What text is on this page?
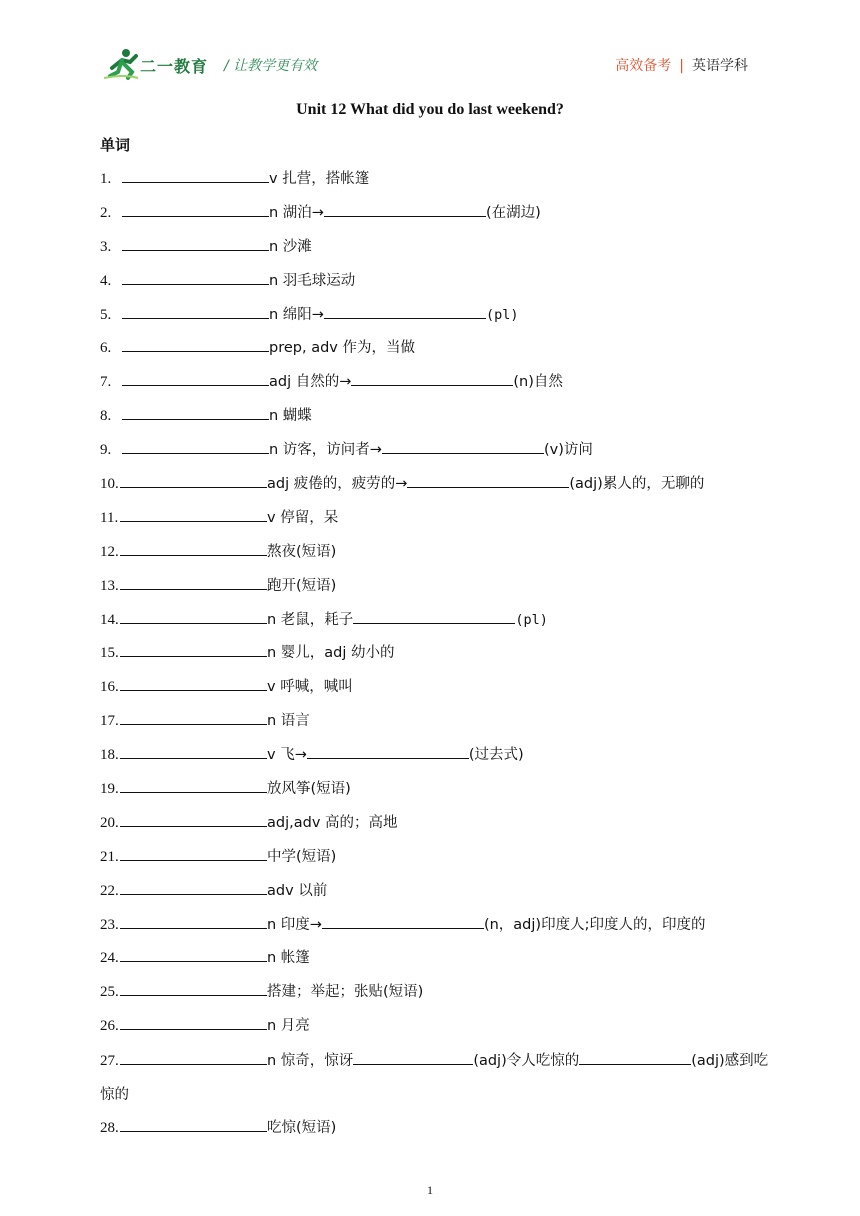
二一教育 / 让教学更有效	高效备考 | 英语学科
Unit 12 What did you do last weekend?
单词
1.	v 扎营，搭帐篷
2.	n 湖泊→	(在湖边)
3.	n 沙滩
4.	n 羽毛球运动
5.	n 绵阳→	(pl)
6.	prep, adv 作为，当做
7.	adj 自然的→	(n)自然
8.	n 蝴蝶
9.	n 访客，访问者→	(v)访问
10.	adj 疲倦的，疲劳的→	(adj)累人的，无聊的
11.	v 停留，呆
12.	熬夜(短语)
13.	跑开(短语)
14.	n 老鼠，耗子	(pl)
15.	n 婴儿，adj 幼小的
16.	v 呼喊，喊叫
17.	n 语言
18.	v 飞→	(过去式)
19.	放风筝(短语)
20.	adj,adv 高的；高地
21.	中学(短语)
22.	adv 以前
23.	n 印度→	(n，adj)印度人;印度人的，印度的
24.	n 帐篷
25.	搭建；举起；张贴(短语)
26.	n 月亮
27.	n 惊奇，惊讶	(adj)令人吃惊的	(adj)感到吃惊的
28.	吃惊(短语)
1
